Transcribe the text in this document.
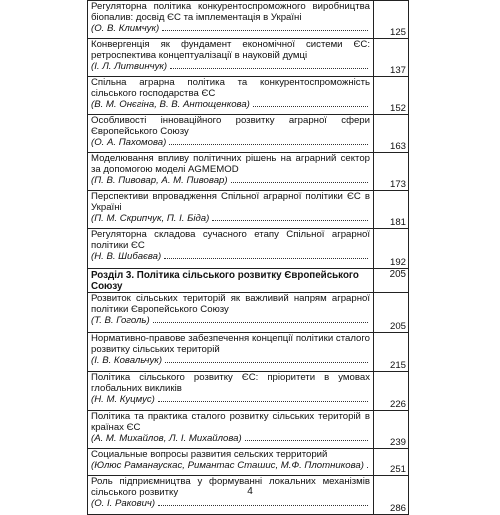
Регуляторна політика конкурентоспроможного виробництва біопалив: досвід ЄС та імплементація в Україні
(О. В. Климчук)	125

Конвергенція як фундамент економічної системи ЄС: ретроспектива концептуалізації в науковій думці
(І. Л. Литвинчук)	137

Спільна аграрна політика та конкурентоспроможність сільського господарства ЄС
(В. М. Онєгіна, В. В. Антощенкова)	152

Особливості інноваційного розвитку аграрної сфери Європейського Союзу
(О. А. Пахомова)	163

Моделювання впливу політичних рішень на аграрний сектор за допомогою моделі AGMEMOD
(П. В. Пивовар, А. М. Пивовар)	173

Перспективи впровадження Спільної аграрної політики ЄС в Україні
(П. М. Скрипчук, П. І. Біда)	181

Регуляторна складова сучасного етапу Спільної аграрної політики ЄС
(Н. В. Шибаєва)	192
Розділ 3. Політика сільського розвитку Європейського Союзу	205

Розвиток сільських територій як важливий напрям аграрної політики Європейського Союзу
(Т. В. Гоголь)	205

Нормативно-правове забезпечення концепції політики сталого розвитку сільських територій
(І. В. Ковальчук)	215

Політика сільського розвитку ЄС: пріоритети в умовах глобальних викликів
(Н. М. Куцмус)	226

Політика та практика сталого розвитку сільських територій в країнах ЄС
(А. М. Михайлов, Л. І. Михайлова)	239

Социальные вопросы развития сельских территорий
(Юлюс Раманаускас, Римантас Сташис, М.Ф. Плотникова)	251

Роль підприємництва у формуванні локальних механізмів сільського розвитку
(О. І. Ракович)	286
4
